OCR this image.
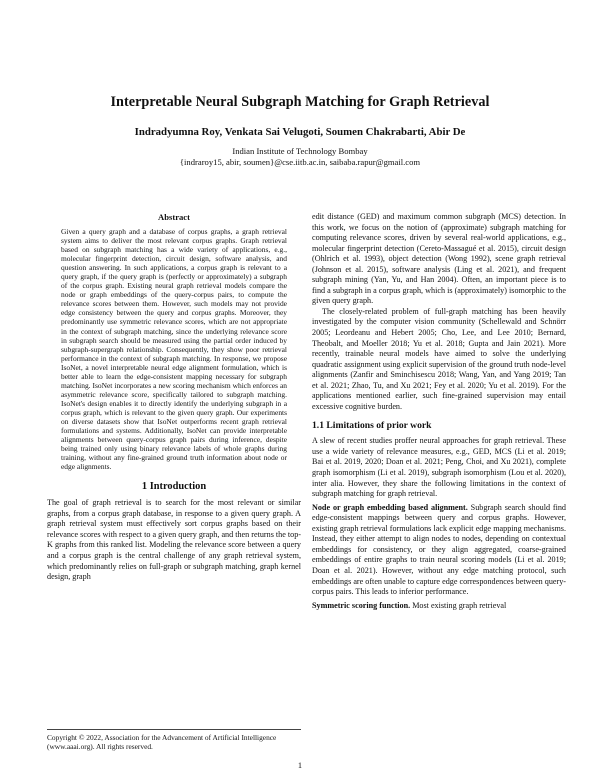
Interpretable Neural Subgraph Matching for Graph Retrieval
Indradyumna Roy, Venkata Sai Velugoti, Soumen Chakrabarti, Abir De
Indian Institute of Technology Bombay
{indraroy15, abir, soumen}@cse.iitb.ac.in, saibaba.rapur@gmail.com
Abstract
Given a query graph and a database of corpus graphs, a graph retrieval system aims to deliver the most relevant corpus graphs. Graph retrieval based on subgraph matching has a wide variety of applications, e.g., molecular fingerprint detection, circuit design, software analysis, and question answering. In such applications, a corpus graph is relevant to a query graph, if the query graph is (perfectly or approximately) a subgraph of the corpus graph. Existing neural graph retrieval models compare the node or graph embeddings of the query-corpus pairs, to compute the relevance scores between them. However, such models may not provide edge consistency between the query and corpus graphs. Moreover, they predominantly use symmetric relevance scores, which are not appropriate in the context of subgraph matching, since the underlying relevance score in subgraph search should be measured using the partial order induced by subgraph-supergraph relationship. Consequently, they show poor retrieval performance in the context of subgraph matching. In response, we propose IsoNet, a novel interpretable neural edge alignment formulation, which is better able to learn the edge-consistent mapping necessary for subgraph matching. IsoNet incorporates a new scoring mechanism which enforces an asymmetric relevance score, specifically tailored to subgraph matching. IsoNet's design enables it to directly identify the underlying subgraph in a corpus graph, which is relevant to the given query graph. Our experiments on diverse datasets show that IsoNet outperforms recent graph retrieval formulations and systems. Additionally, IsoNet can provide interpretable alignments between query-corpus graph pairs during inference, despite being trained only using binary relevance labels of whole graphs during training, without any fine-grained ground truth information about node or edge alignments.
1 Introduction

The goal of graph retrieval is to search for the most relevant or similar graphs, from a corpus graph database, in response to a given query graph. A graph retrieval system must effectively sort corpus graphs based on their relevance scores with respect to a given query graph, and then returns the top-K graphs from this ranked list. Modeling the relevance score between a query and a corpus graph is the central challenge of any graph retrieval system, which predominantly relies on full-graph or subgraph matching, graph kernel design, graph

edit distance (GED) and maximum common subgraph (MCS) detection. In this work, we focus on the notion of (approximate) subgraph matching for computing relevance scores, driven by several real-world applications, e.g., molecular fingerprint detection (Cereto-Massagué et al. 2015), circuit design (Ohlrich et al. 1993), object detection (Wong 1992), scene graph retrieval (Johnson et al. 2015), software analysis (Ling et al. 2021), and frequent subgraph mining (Yan, Yu, and Han 2004). Often, an important piece is to find a subgraph in a corpus graph, which is (approximately) isomorphic to the given query graph.

The closely-related problem of full-graph matching has been heavily investigated by the computer vision community (Schellewald and Schnörr 2005; Leordeanu and Hebert 2005; Cho, Lee, and Lee 2010; Bernard, Theobalt, and Moeller 2018; Yu et al. 2018; Gupta and Jain 2021). More recently, trainable neural models have aimed to solve the underlying quadratic assignment using explicit supervision of the ground truth node-level alignments (Zanfir and Sminchisescu 2018; Wang, Yan, and Yang 2019; Tan et al. 2021; Zhao, Tu, and Xu 2021; Fey et al. 2020; Yu et al. 2019). For the applications mentioned earlier, such fine-grained supervision may entail excessive cognitive burden.

1.1 Limitations of prior work

A slew of recent studies proffer neural approaches for graph retrieval. These use a wide variety of relevance measures, e.g., GED, MCS (Li et al. 2019; Bai et al. 2019, 2020; Doan et al. 2021; Peng, Choi, and Xu 2021), complete graph isomorphism (Li et al. 2019), subgraph isomorphism (Lou et al. 2020), inter alia. However, they share the following limitations in the context of subgraph matching for graph retrieval.

Node or graph embedding based alignment. Subgraph search should find edge-consistent mappings between query and corpus graphs. However, existing graph retrieval formulations lack explicit edge mapping mechanisms. Instead, they either attempt to align nodes to nodes, depending on contextual embeddings for consistency, or they align aggregated, coarse-grained embeddings of entire graphs to train neural scoring models (Li et al. 2019; Doan et al. 2021). However, without any edge matching protocol, such embeddings are often unable to capture edge correspondences between query-corpus pairs. This leads to inferior performance.

Symmetric scoring function. Most existing graph retrieval

Copyright © 2022, Association for the Advancement of Artificial Intelligence (www.aaai.org). All rights reserved.
1
